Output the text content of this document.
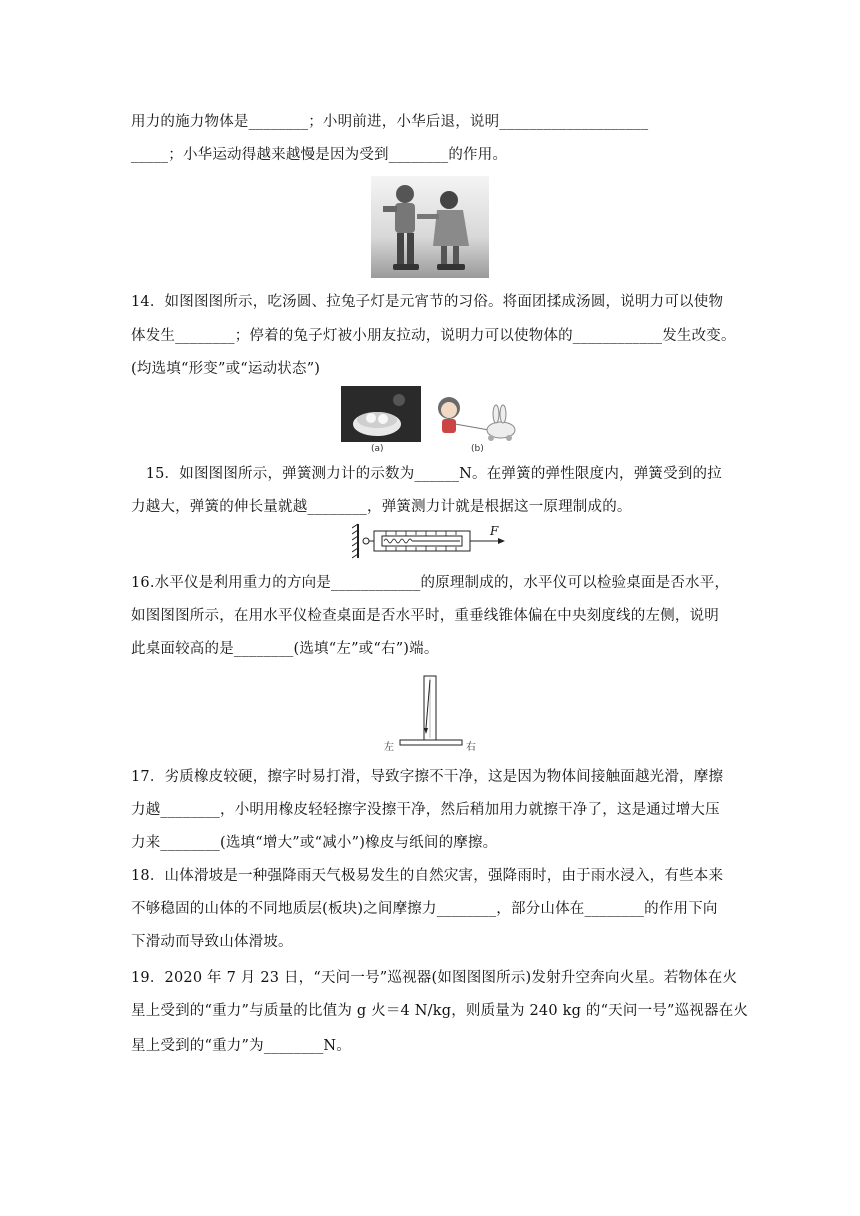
用力的施力物体是________；小明前进，小华后退，说明____________________
_____；小华运动得越来越慢是因为受到________的作用。
14．如图图图所示，吃汤圆、拉兔子灯是元宵节的习俗。将面团揉成汤圆，说明力可以使物
体发生________；停着的兔子灯被小朋友拉动，说明力可以使物体的____________发生改变。
(均选填“形变”或“运动状态”)
(a)	(b)
　15．如图图图所示，弹簧测力计的示数为______N。在弹簧的弹性限度内，弹簧受到的拉
力越大，弹簧的伸长量就越________，弹簧测力计就是根据这一原理制成的。
F
16.水平仪是利用重力的方向是____________的原理制成的，水平仪可以检验桌面是否水平，
如图图图所示，在用水平仪检查桌面是否水平时，重垂线锥体偏在中央刻度线的左侧，说明
此桌面较高的是________(选填“左”或“右”)端。
左	右
17．劣质橡皮较硬，擦字时易打滑，导致字擦不干净，这是因为物体间接触面越光滑，摩擦
力越________，小明用橡皮轻轻擦字没擦干净，然后稍加用力就擦干净了，这是通过增大压
力来________(选填“增大”或“减小”)橡皮与纸间的摩擦。
18．山体滑坡是一种强降雨天气极易发生的自然灾害，强降雨时，由于雨水浸入，有些本来
不够稳固的山体的不同地质层(板块)之间摩擦力________，部分山体在________的作用下向
下滑动而导致山体滑坡。
19．2020 年 7 月 23 日，“天问一号”巡视器(如图图图所示)发射升空奔向火星。若物体在火
星上受到的“重力”与质量的比值为 g 火＝4 N/kg，则质量为 240 kg 的“天问一号”巡视器在火
星上受到的“重力”为________N。
